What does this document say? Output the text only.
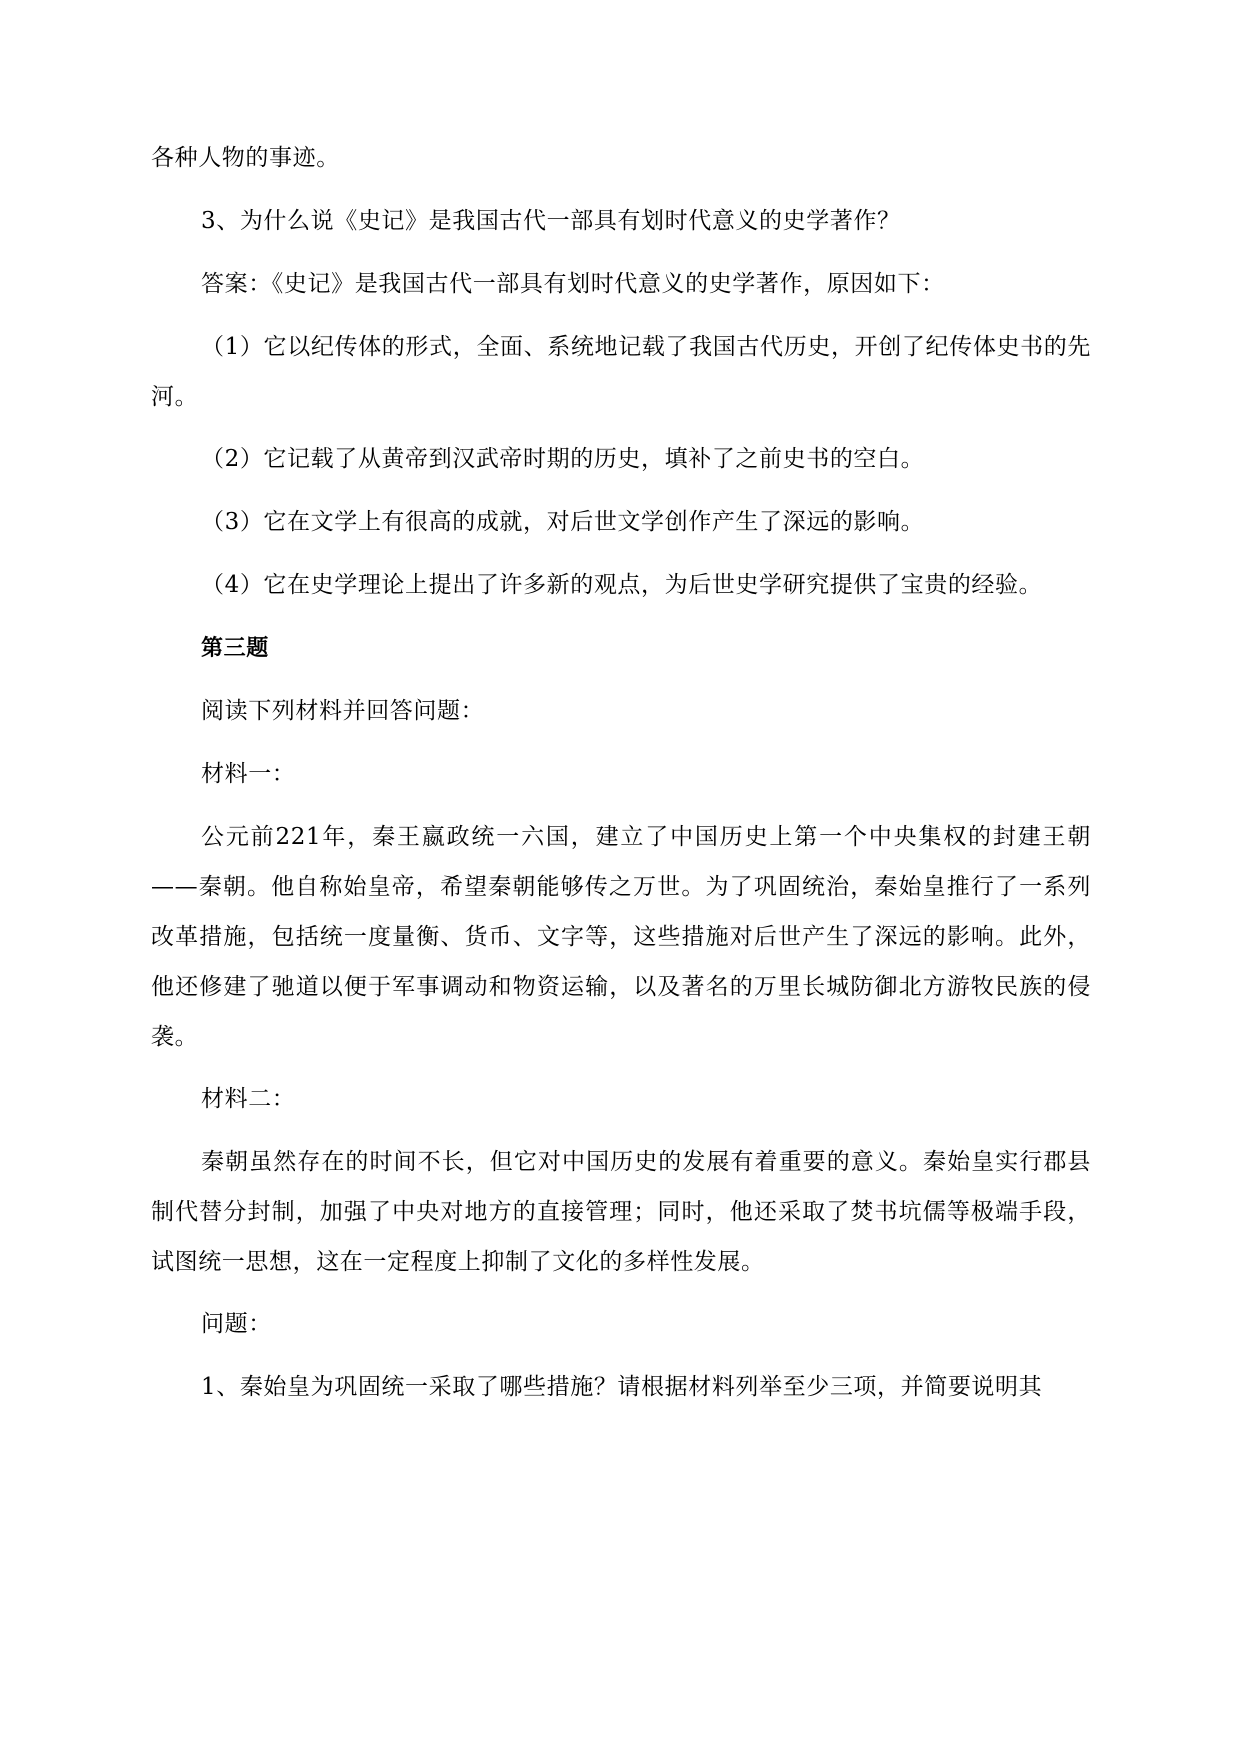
各种人物的事迹。

3、为什么说《史记》是我国古代一部具有划时代意义的史学著作？

答案：《史记》是我国古代一部具有划时代意义的史学著作，原因如下：

（1）它以纪传体的形式，全面、系统地记载了我国古代历史，开创了纪传体史书的先河。

（2）它记载了从黄帝到汉武帝时期的历史，填补了之前史书的空白。

（3）它在文学上有很高的成就，对后世文学创作产生了深远的影响。

（4）它在史学理论上提出了许多新的观点，为后世史学研究提供了宝贵的经验。

第三题

阅读下列材料并回答问题：

材料一：

公元前221年，秦王嬴政统一六国，建立了中国历史上第一个中央集权的封建王朝——秦朝。他自称始皇帝，希望秦朝能够传之万世。为了巩固统治，秦始皇推行了一系列改革措施，包括统一度量衡、货币、文字等，这些措施对后世产生了深远的影响。此外，他还修建了驰道以便于军事调动和物资运输，以及著名的万里长城防御北方游牧民族的侵袭。

材料二：

秦朝虽然存在的时间不长，但它对中国历史的发展有着重要的意义。秦始皇实行郡县制代替分封制，加强了中央对地方的直接管理；同时，他还采取了焚书坑儒等极端手段，试图统一思想，这在一定程度上抑制了文化的多样性发展。

问题：

1、秦始皇为巩固统一采取了哪些措施？请根据材料列举至少三项，并简要说明其
